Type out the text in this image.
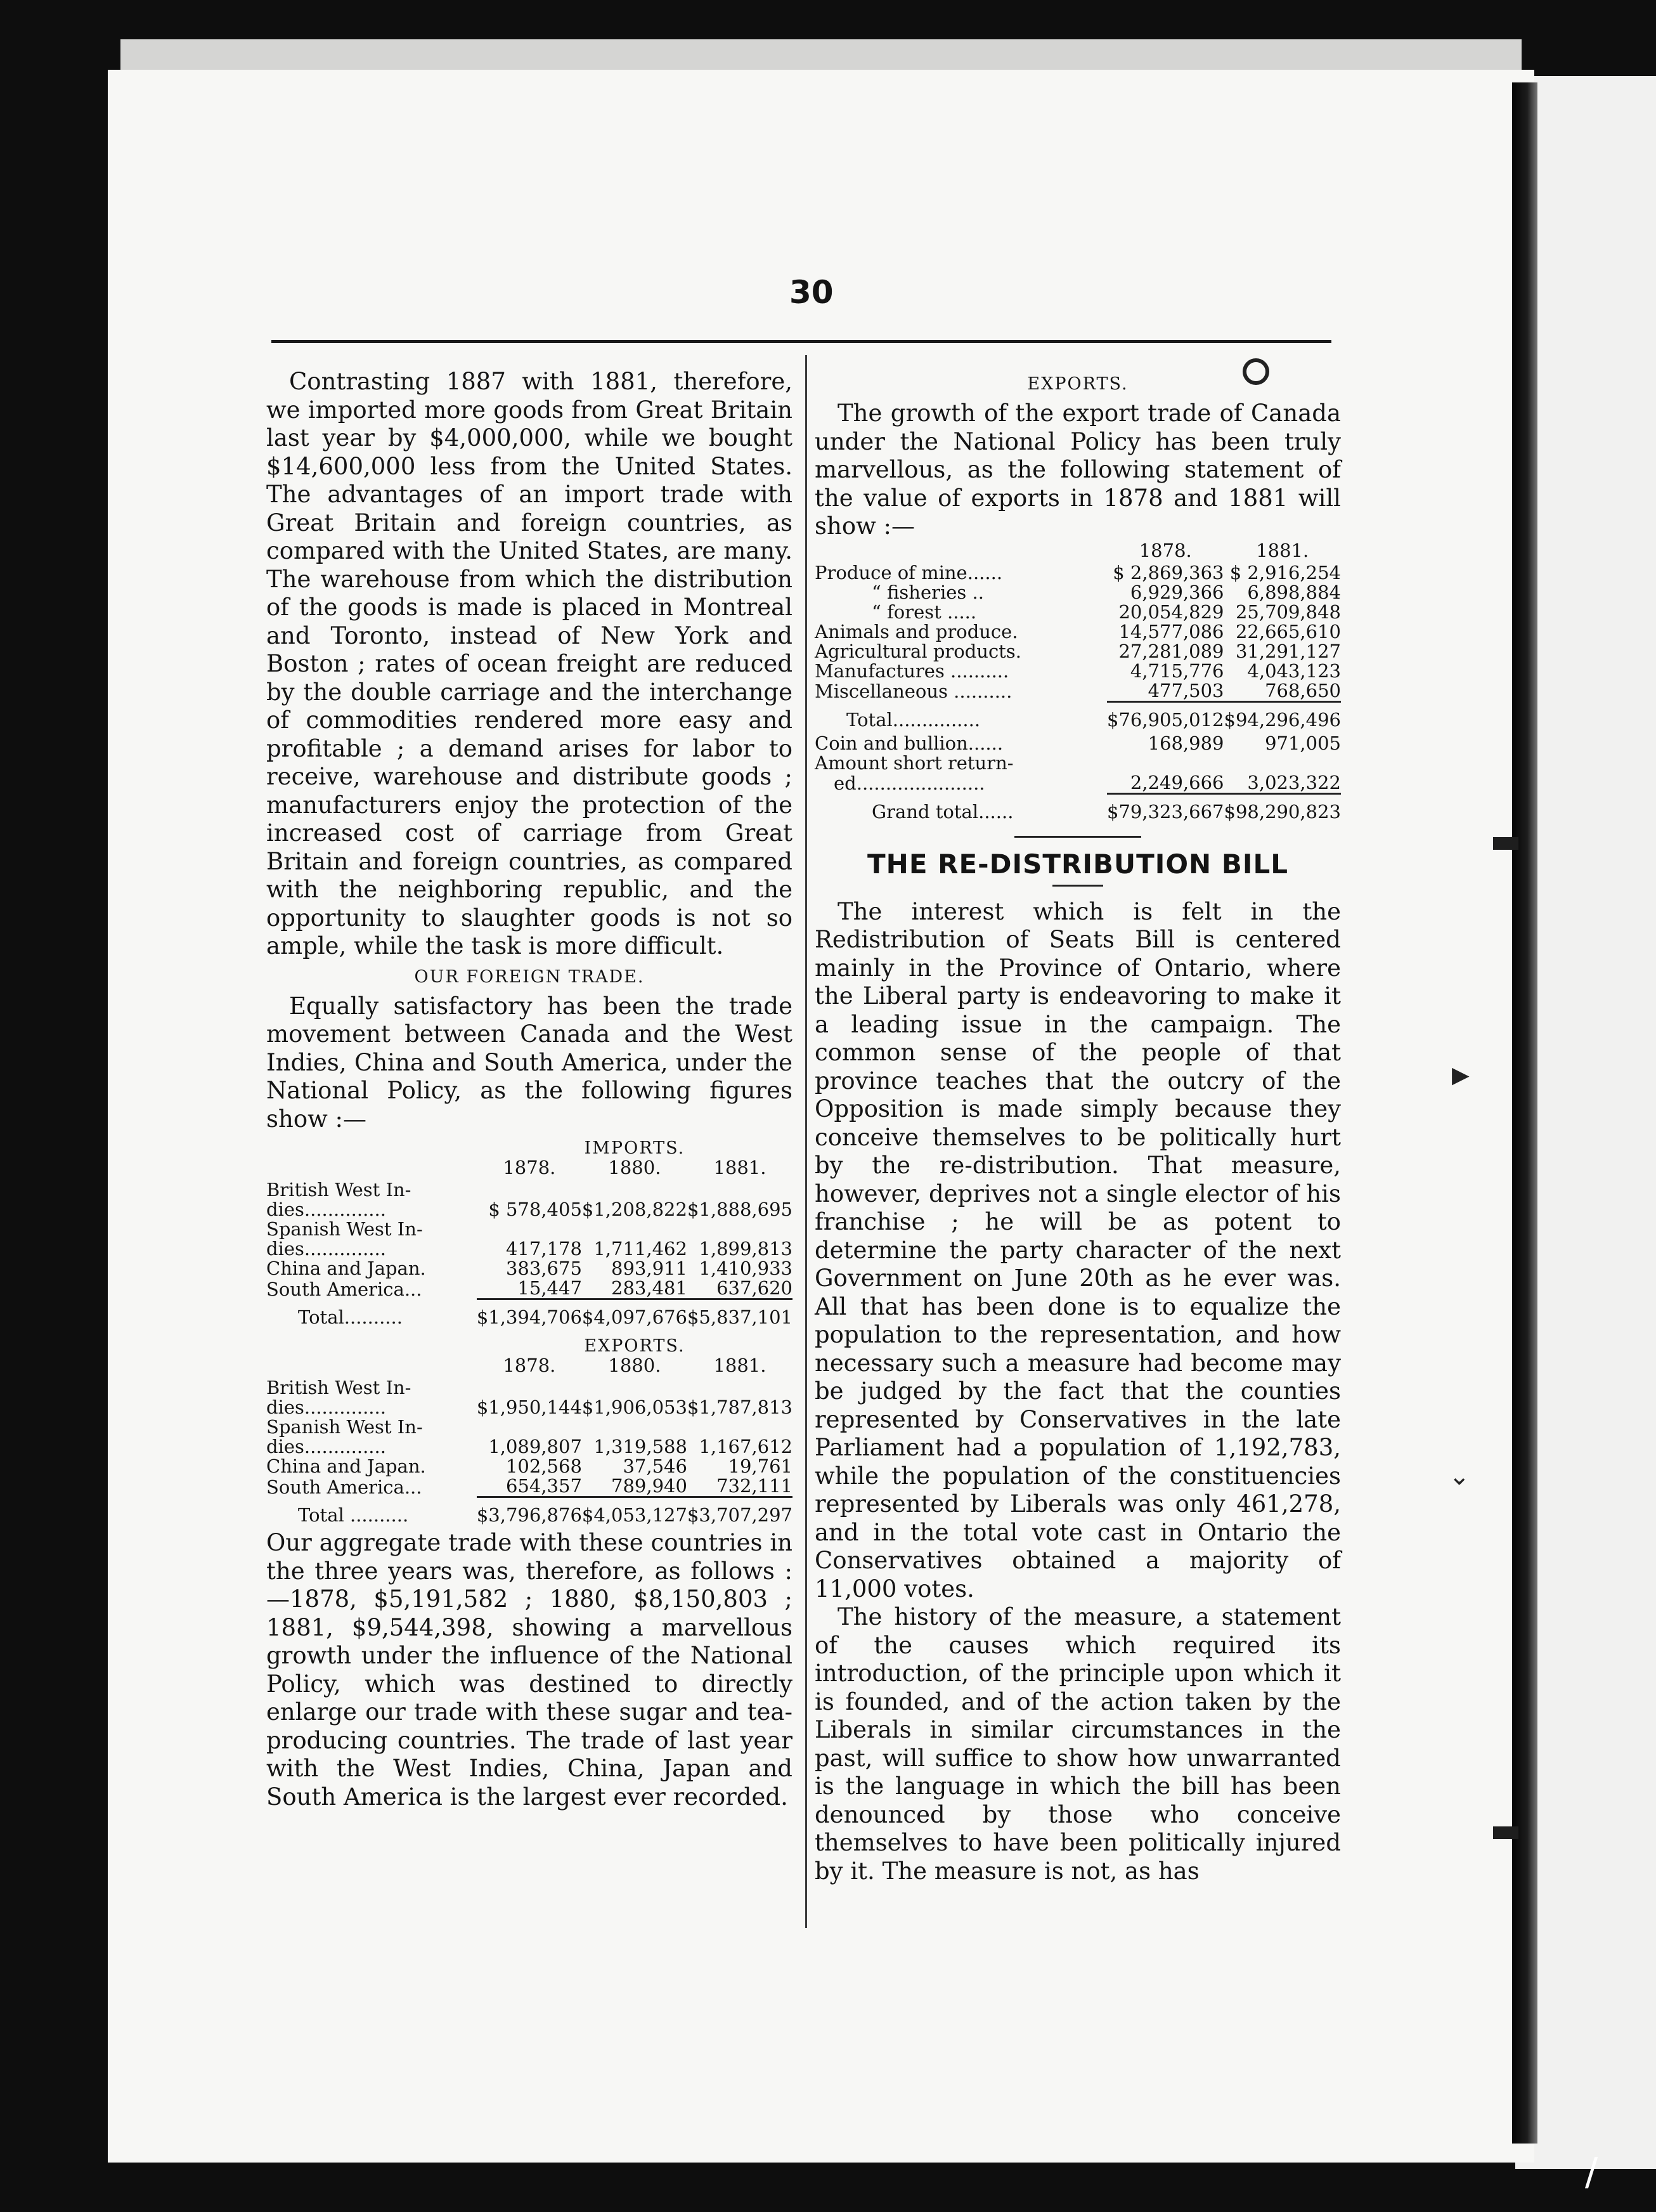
▶
⌄
/
30

Contrasting 1887 with 1881, therefore, we imported more goods from Great Britain last year by $4,000,000, while we bought $14,600,000 less from the United States. The advantages of an import trade with Great Britain and foreign countries, as compared with the United States, are many. The warehouse from which the distribution of the goods is made is placed in Montreal and Toronto, instead of New York and Boston ; rates of ocean freight are reduced by the double carriage and the interchange of commodities rendered more easy and profitable ; a demand arises for labor to receive, warehouse and distribute goods ; manufacturers enjoy the protection of the increased cost of carriage from Great Britain and foreign countries, as compared with the neighboring republic, and the opportunity to slaughter goods is not so ample, while the task is more difficult.

OUR FOREIGN TRADE.

Equally satisfactory has been the trade movement between Canada and the West Indies, China and South America, under the National Policy, as the following figures show :—

	IMPORTS.		
	1878.	1880.	1881.
British West In-			
dies..............	$ 578,405	$1,208,822	$1,888,695
Spanish West In-			
dies..............	417,178	1,711,462	1,899,813
China and Japan.	383,675	893,911	1,410,933
South America...	15,447	283,481	637,620
Total..........	$1,394,706	$4,097,676	$5,837,101
	EXPORTS.		
	1878.	1880.	1881.
British West In-			
dies..............	$1,950,144	$1,906,053	$1,787,813
Spanish West In-			
dies..............	1,089,807	1,319,588	1,167,612
China and Japan.	102,568	37,546	19,761
South America...	654,357	789,940	732,111
Total ..........	$3,796,876	$4,053,127	$3,707,297

Our aggregate trade with these countries in the three years was, therefore, as follows :—1878, $5,191,582 ; 1880, $8,150,803 ; 1881, $9,544,398, showing a marvellous growth under the influence of the National Policy, which was destined to directly enlarge our trade with these sugar and tea-producing countries. The trade of last year with the West Indies, China, Japan and South America is the largest ever recorded.

EXPORTS.

The growth of the export trade of Canada under the National Policy has been truly marvellous, as the following statement of the value of exports in 1878 and 1881 will show :—

	1878.	1881.
Produce of mine......	$ 2,869,363	$ 2,916,254
“ fisheries ..	6,929,366	6,898,884
“ forest .....	20,054,829	25,709,848
Animals and produce.	14,577,086	22,665,610
Agricultural products.	27,281,089	31,291,127
Manufactures ..........	4,715,776	4,043,123
Miscellaneous ..........	477,503	768,650
Total...............	$76,905,012	$94,296,496
Coin and bullion......	168,989	971,005
Amount short return-		
ed......................	2,249,666	3,023,322
Grand total......	$79,323,667	$98,290,823
THE RE-DISTRIBUTION BILL

The interest which is felt in the Redistribution of Seats Bill is centered mainly in the Province of Ontario, where the Liberal party is endeavoring to make it a leading issue in the campaign. The common sense of the people of that province teaches that the outcry of the Opposition is made simply because they conceive themselves to be politically hurt by the re-distribution. That measure, however, deprives not a single elector of his franchise ; he will be as potent to determine the party character of the next Government on June 20th as he ever was. All that has been done is to equalize the population to the representation, and how necessary such a measure had become may be judged by the fact that the counties represented by Conservatives in the late Parliament had a population of 1,192,783, while the population of the constituencies represented by Liberals was only 461,278, and in the total vote cast in Ontario the Conservatives obtained a majority of 11,000 votes.

The history of the measure, a statement of the causes which required its introduction, of the principle upon which it is founded, and of the action taken by the Liberals in similar circumstances in the past, will suffice to show how unwarranted is the language in which the bill has been denounced by those who conceive themselves to have been politically injured by it. The measure is not, as has
